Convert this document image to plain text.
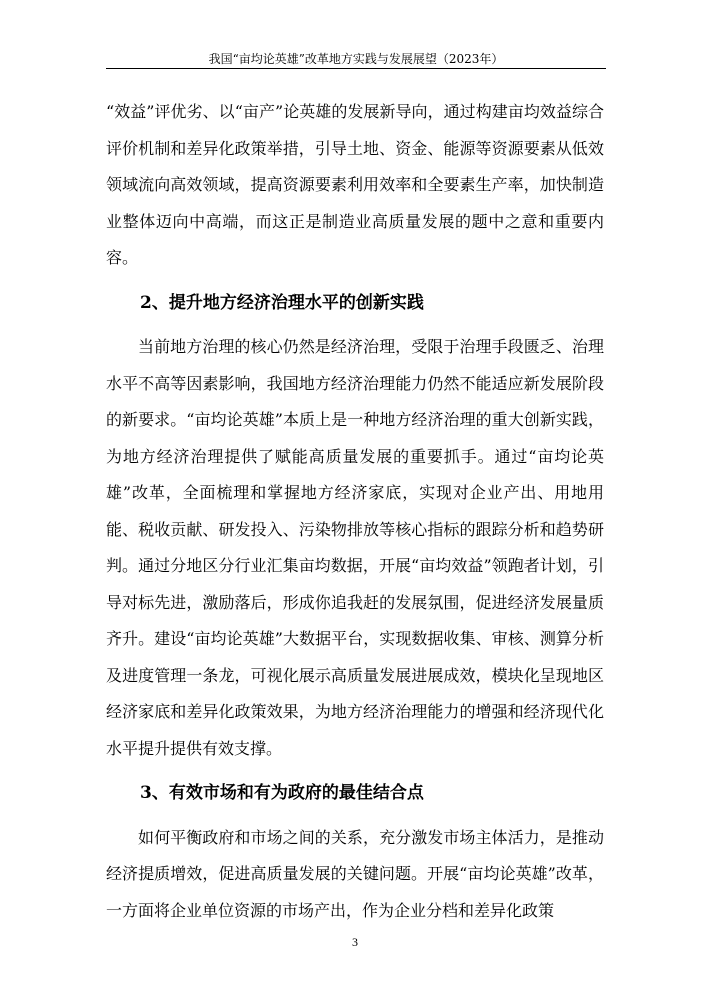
我国“亩均论英雄”改革地方实践与发展展望（2023年）

“效益”评优劣、以“亩产”论英雄的发展新导向，通过构建亩均效益综合评价机制和差异化政策举措，引导土地、资金、能源等资源要素从低效领域流向高效领域，提高资源要素利用效率和全要素生产率，加快制造业整体迈向中高端，而这正是制造业高质量发展的题中之意和重要内容。

2、提升地方经济治理水平的创新实践

当前地方治理的核心仍然是经济治理，受限于治理手段匮乏、治理水平不高等因素影响，我国地方经济治理能力仍然不能适应新发展阶段的新要求。“亩均论英雄”本质上是一种地方经济治理的重大创新实践，为地方经济治理提供了赋能高质量发展的重要抓手。通过“亩均论英雄”改革，全面梳理和掌握地方经济家底，实现对企业产出、用地用能、税收贡献、研发投入、污染物排放等核心指标的跟踪分析和趋势研判。通过分地区分行业汇集亩均数据，开展“亩均效益”领跑者计划，引导对标先进，激励落后，形成你追我赶的发展氛围，促进经济发展量质齐升。建设“亩均论英雄”大数据平台，实现数据收集、审核、测算分析及进度管理一条龙，可视化展示高质量发展进展成效，模块化呈现地区经济家底和差异化政策效果，为地方经济治理能力的增强和经济现代化水平提升提供有效支撑。

3、有效市场和有为政府的最佳结合点

如何平衡政府和市场之间的关系，充分激发市场主体活力，是推动经济提质增效，促进高质量发展的关键问题。开展“亩均论英雄”改革，一方面将企业单位资源的市场产出，作为企业分档和差异化政策

3
